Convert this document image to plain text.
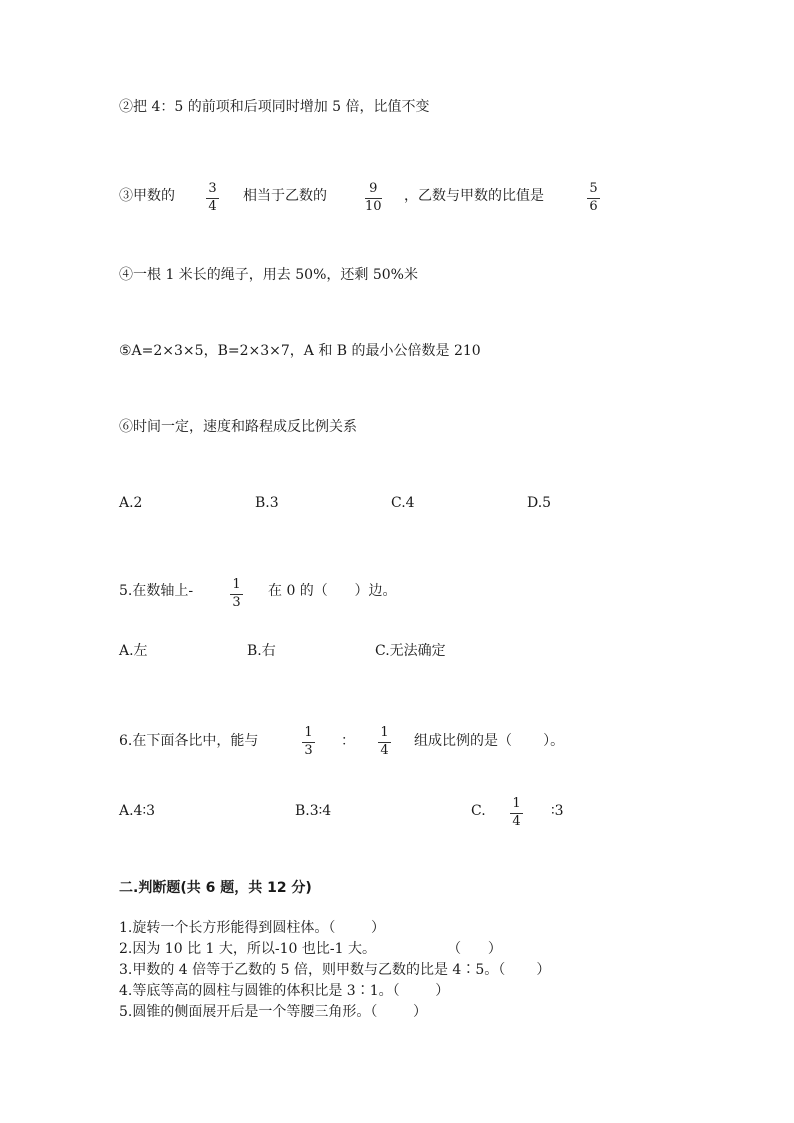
②把 4：5 的前项和后项同时增加 5 倍，比值不变
③甲数的	3
4
相当于乙数的	9
10
，乙数与甲数的比值是	5
6
④一根 1 米长的绳子，用去 50%，还剩 50%米
⑤A=2×3×5，B=2×3×7，A 和 B 的最小公倍数是 210
⑥时间一定，速度和路程成反比例关系
A.2	B.3	C.4	D.5
5.在数轴上-	1
3
在 0 的（      ）边。
A.左	B.右	C.无法确定
6.在下面各比中，能与
1
3
：
1
4
组成比例的是（       ）。
A.4∶3	B.3∶4	C. 1
4
∶3
二.判断题(共 6 题，共 12 分)
1.旋转一个长方形能得到圆柱体。（        ）
2.因为 10 比 1 大，所以-10 也比-1 大。                （      ）
3.甲数的 4 倍等于乙数的 5 倍，则甲数与乙数的比是 4∶5。（       ）
4.等底等高的圆柱与圆锥的体积比是 3∶1。（        ）
5.圆锥的侧面展开后是一个等腰三角形。（        ）
